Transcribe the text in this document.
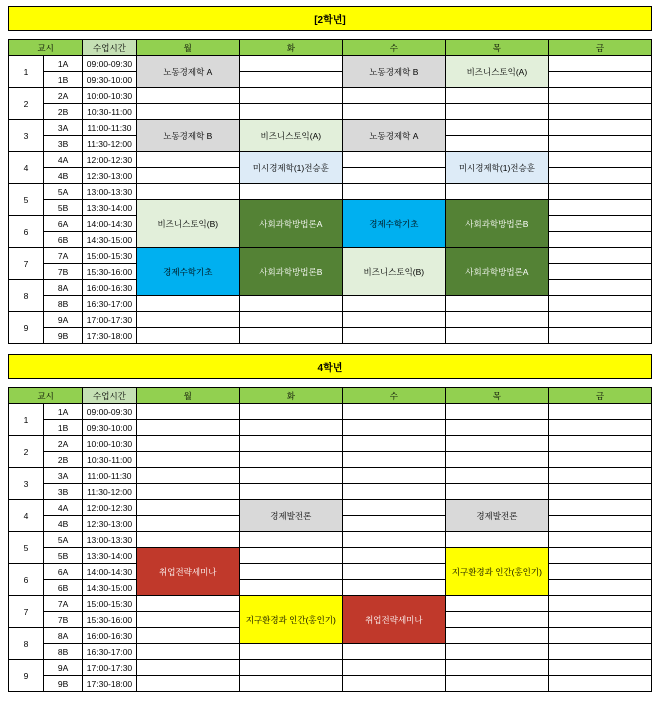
[2학년]
교시		수업시간	월	화	수	목	금
1	1A	09:00-09:30	노동경제학 A		노동경제학 B	비즈니스토익(A)	
	1B	09:30-10:00					
2	2A	10:00-10:30					
	2B	10:30-11:00					
3	3A	11:00-11:30	노동경제학 B	비즈니스토익(A)	노동경제학 A		
	3B	11:30-12:00					
4	4A	12:00-12:30		미시경제학(1)전승훈		미시경제학(1)전승훈	
	4B	12:30-13:00					
5	5A	13:00-13:30					
	5B	13:30-14:00	비즈니스토익(B)	사회과학방법론A	경제수학기초	사회과학방법론B	
6	6A	14:00-14:30					
	6B	14:30-15:00					
7	7A	15:00-15:30	경제수학기초	사회과학방법론B	비즈니스토익(B)	사회과학방법론A	
	7B	15:30-16:00					
8	8A	16:00-16:30					
	8B	16:30-17:00					
9	9A	17:00-17:30					
	9B	17:30-18:00					
4학년
교시		수업시간	월	화	수	목	금
1	1A	09:00-09:30					
	1B	09:30-10:00					
2	2A	10:00-10:30					
	2B	10:30-11:00					
3	3A	11:00-11:30					
	3B	11:30-12:00					
4	4A	12:00-12:30		경제발전론		경제발전론	
	4B	12:30-13:00					
5	5A	13:00-13:30					
	5B	13:30-14:00	취업전략세미나			지구환경과 인간(홍인기)	
6	6A	14:00-14:30					
	6B	14:30-15:00					
7	7A	15:00-15:30		지구환경과 인간(홍인기)	취업전략세미나		
	7B	15:30-16:00					
8	8A	16:00-16:30					
	8B	16:30-17:00					
9	9A	17:00-17:30					
	9B	17:30-18:00					
